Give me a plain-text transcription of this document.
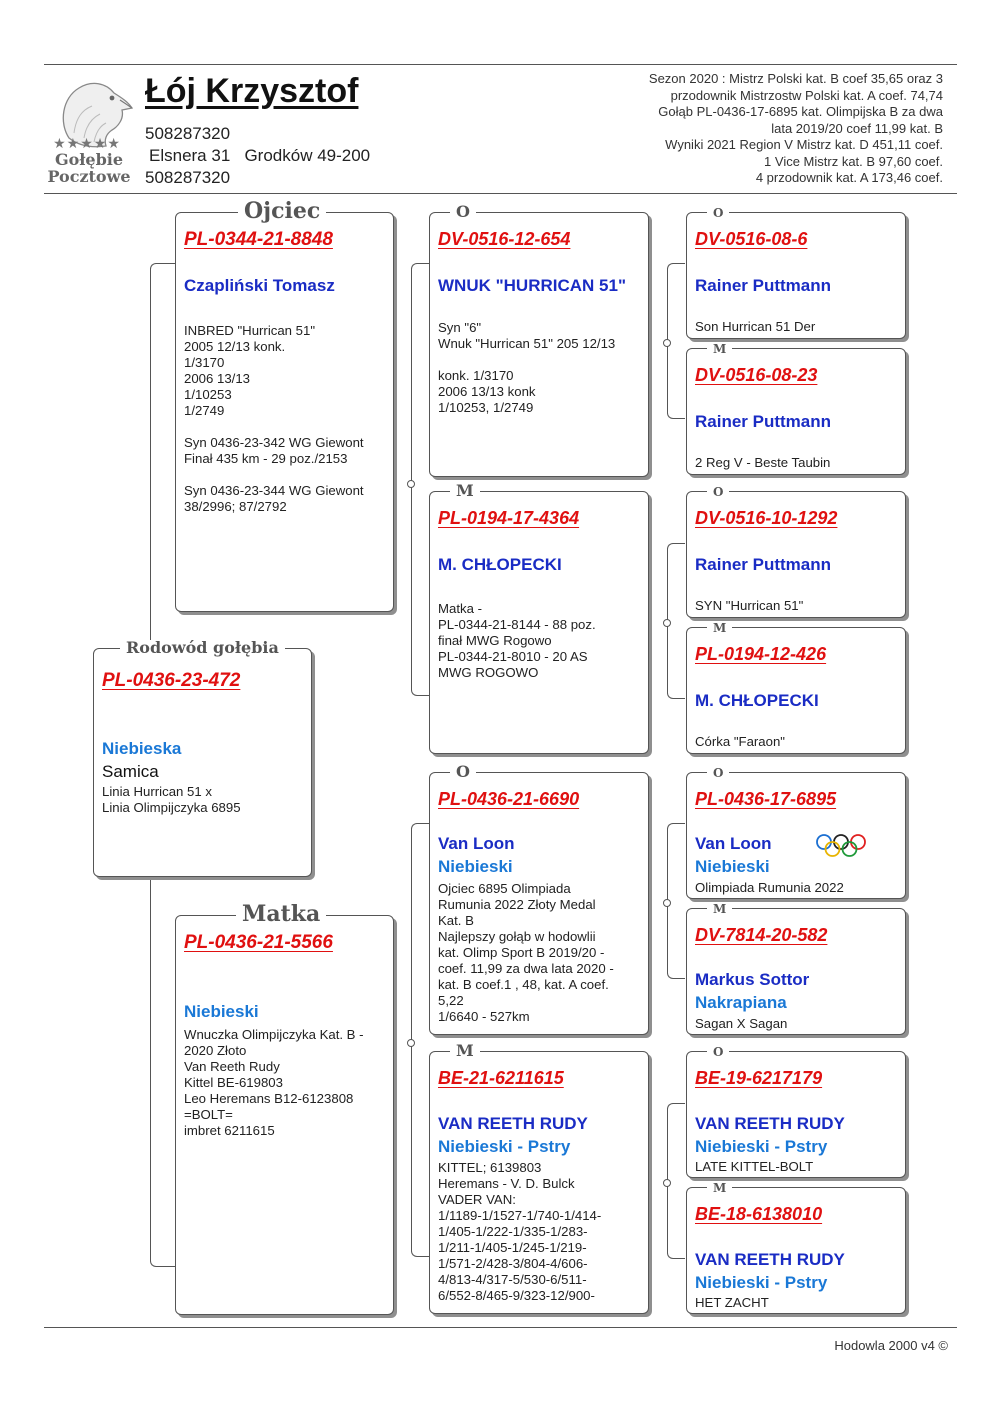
★★★★★
Gołębie
Pocztowe
Łój Krzysztof
508287320
Elsnera 31   Grodków 49-200
508287320
Sezon 2020 : Mistrz Polski kat. B coef 35,65 oraz 3
przodownik Mistrzostw Polski kat. A coef. 74,74
Gołąb PL-0436-17-6895 kat. Olimpijska B za dwa
lata 2019/20 coef 11,99 kat. B
Wyniki 2021 Region V Mistrz kat. D 451,11 coef.
1 Vice Mistrz kat. B 97,60 coef.
4 przodownik kat. A 173,46 coef.
Rodowód gołębia
PL-0436-23-472
Niebieska
Samica
Linia Hurrican 51 x
Linia Olimpijczyka 6895
Ojciec
PL-0344-21-8848
Czapliński Tomasz
INBRED "Hurrican 51"
2005 12/13 konk.
1/3170
2006 13/13
1/10253
1/2749

Syn 0436-23-342 WG Giewont
Finał 435 km - 29 poz./2153

Syn 0436-23-344 WG Giewont
38/2996; 87/2792
Matka
PL-0436-21-5566
Niebieski
Wnuczka Olimpijczyka Kat. B -
2020 Złoto
Van Reeth Rudy
Kittel BE-619803
Leo Heremans B12-6123808
=BOLT=
imbret 6211615
O
DV-0516-12-654
WNUK "HURRICAN 51"
Syn "6"
Wnuk "Hurrican 51" 205 12/13

konk. 1/3170
2006 13/13 konk
1/10253, 1/2749
M
PL-0194-17-4364
M. CHŁOPECKI
Matka -
PL-0344-21-8144 - 88 poz.
finał MWG Rogowo
PL-0344-21-8010 - 20 AS
MWG ROGOWO
O
PL-0436-21-6690
Van Loon
Niebieski
Ojciec 6895 Olimpiada
Rumunia 2022 Złoty Medal
Kat. B
Najlepszy gołąb w hodowlii
kat. Olimp Sport B 2019/20 -
coef. 11,99 za dwa lata 2020 -
kat. B coef.1 , 48, kat. A coef.
5,22
1/6640 - 527km
M
BE-21-6211615
VAN REETH RUDY
Niebieski - Pstry
KITTEL; 6139803
Heremans - V. D. Bulck
VADER VAN:
1/1189-1/1527-1/740-1/414-
1/405-1/222-1/335-1/283-
1/211-1/405-1/245-1/219-
1/571-2/428-3/804-4/606-
4/813-4/317-5/530-6/511-
6/552-8/465-9/323-12/900-
O
DV-0516-08-6
Rainer Puttmann
Son Hurrican 51 Der
M
DV-0516-08-23
Rainer Puttmann
2 Reg V - Beste Taubin
O
DV-0516-10-1292
Rainer Puttmann
SYN "Hurrican 51"
M
PL-0194-12-426
M. CHŁOPECKI
Córka "Faraon"
O
PL-0436-17-6895
Van Loon
Niebieski
Olimpiada Rumunia 2022
M
DV-7814-20-582
Markus Sottor
Nakrapiana
Sagan X Sagan
O
BE-19-6217179
VAN REETH RUDY
Niebieski - Pstry
LATE KITTEL-BOLT
M
BE-18-6138010
VAN REETH RUDY
Niebieski - Pstry
HET ZACHT
Hodowla 2000 v4 ©
